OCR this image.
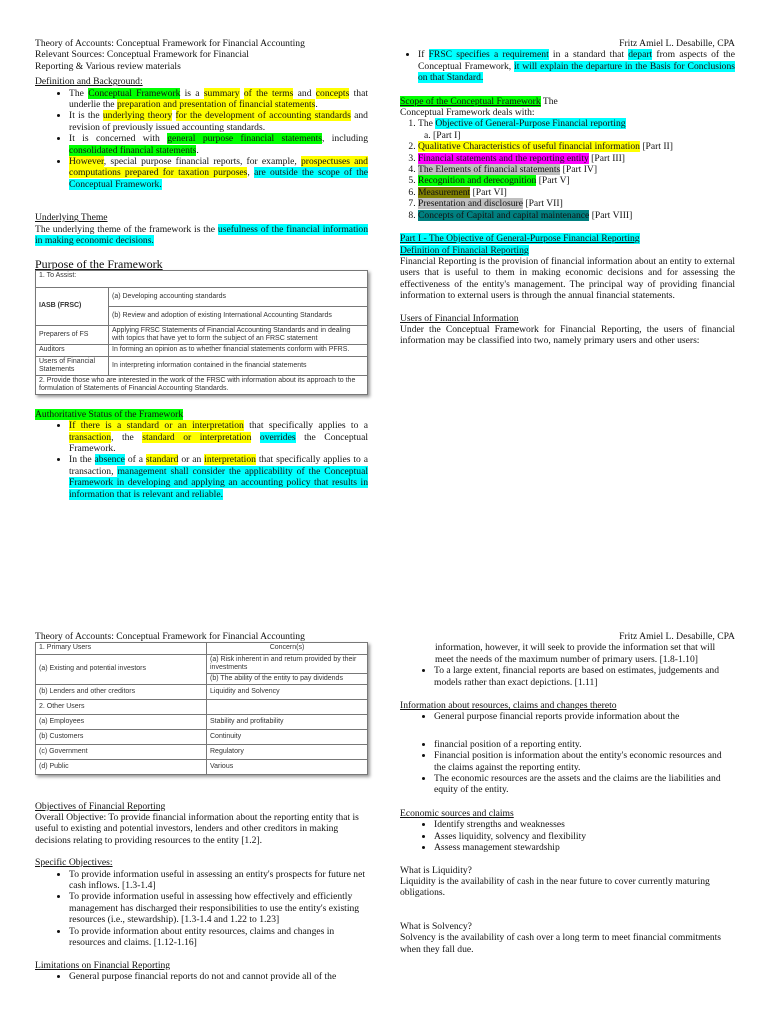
Theory of Accounts: Conceptual Framework for Financial Accounting

Relevant Sources: Conceptual Framework for Financial

Reporting & Various review materials

Definition and Background:

• The Conceptual Framework is a summary of the terms and concepts that underlie the preparation and presentation of financial statements.
• It is the underlying theory for the development of accounting standards and revision of previously issued accounting standards.
• It is concerned with general purpose financial statements, including consolidated financial statements.
• However, special purpose financial reports, for example, prospectuses and computations prepared for taxation purposes, are outside the scope of the Conceptual Framework.

Underlying Theme

The underlying theme of the framework is the usefulness of the financial information in making economic decisions.

Purpose of the Framework

1. To Assist:	
IASB (FRSC)	(a) Developing accounting standards
	(b) Review and adoption of existing International Accounting Standards
Preparers of FS	Applying FRSC Statements of Financial Accounting Standards and in dealing with topics that have yet to form the subject of an FRSC statement
Auditors	In forming an opinion as to whether financial statements conform with PFRS.
Users of Financial Statements	In interpreting information contained in the financial statements
2. Provide those who are interested in the work of the FRSC with information about its approach to the formulation of Statements of Financial Accounting Standards.	

Authoritative Status of the Framework

• If there is a standard or an interpretation that specifically applies to a transaction, the standard or interpretation overrides the Conceptual Framework.
• In the absence of a standard or an interpretation that specifically applies to a transaction, management shall consider the applicability of the Conceptual Framework in developing and applying an accounting policy that results in information that is relevant and reliable.

Fritz Amiel L. Desabille, CPA

• If FRSC specifies a requirement in a standard that depart from aspects of the Conceptual Framework, it will explain the departure in the Basis for Conclusions on that Standard.

Scope of the Conceptual Framework The

Conceptual Framework deals with:

1. The Objective of General-Purpose Financial reporting
a. [Part I]
2. Qualitative Characteristics of useful financial information [Part II]
3. Financial statements and the reporting entity [Part III]
4. The Elements of financial statements [Part IV]
5. Recognition and derecognition [Part V]
6. Measurement [Part VI]
7. Presentation and disclosure [Part VII]
8. Concepts of Capital and capital maintenance [Part VIII]

Part I - The Objective of General-Purpose Financial Reporting

Definition of Financial Reporting

Financial Reporting is the provision of financial information about an entity to external users that is useful to them in making economic decisions and for assessing the effectiveness of the entity's management. The principal way of providing financial information to external users is through the annual financial statements.

Users of Financial Information

Under the Conceptual Framework for Financial Reporting, the users of financial information may be classified into two, namely primary users and other users:

Theory of Accounts: Conceptual Framework for Financial Accounting

1. Primary Users	Concern(s)
(a) Existing and potential investors	(a) Risk inherent in and return provided by their investments
	(b) The ability of the entity to pay dividends
(b) Lenders and other creditors	Liquidity and Solvency
2. Other Users	
(a) Employees	Stability and profitability
(b) Customers	Continuity
(c) Government	Regulatory
(d) Public	Various

Objectives of Financial Reporting

Overall Objective: To provide financial information about the reporting entity that is useful to existing and potential investors, lenders and other creditors in making decisions relating to providing resources to the entity [1.2].

Specific Objectives:

• To provide information useful in assessing an entity's prospects for future net cash inflows. [1.3-1.4]
• To provide information useful in assessing how effectively and efficiently management has discharged their responsibilities to use the entity's existing resources (i.e., stewardship). [1.3-1.4 and 1.22 to 1.23]
• To provide information about entity resources, claims and changes in resources and claims. [1.12-1.16]

Limitations on Financial Reporting

• General purpose financial reports do not and cannot provide all of the

Fritz Amiel L. Desabille, CPA

information, however, it will seek to provide the information set that will meet the needs of the maximum number of primary users. [1.8-1.10]

• To a large extent, financial reports are based on estimates, judgements and models rather than exact depictions. [1.11]

Information about resources, claims and changes thereto

• General purpose financial reports provide information about the
• financial position of a reporting entity.
• Financial position is information about the entity's economic resources and the claims against the reporting entity.
• The economic resources are the assets and the claims are the liabilities and equity of the entity.

Economic sources and claims

• Identify strengths and weaknesses
• Asses liquidity, solvency and flexibility
• Assess management stewardship

What is Liquidity?

Liquidity is the availability of cash in the near future to cover currently maturing obligations.

What is Solvency?

Solvency is the availability of cash over a long term to meet financial commitments when they fall due.
